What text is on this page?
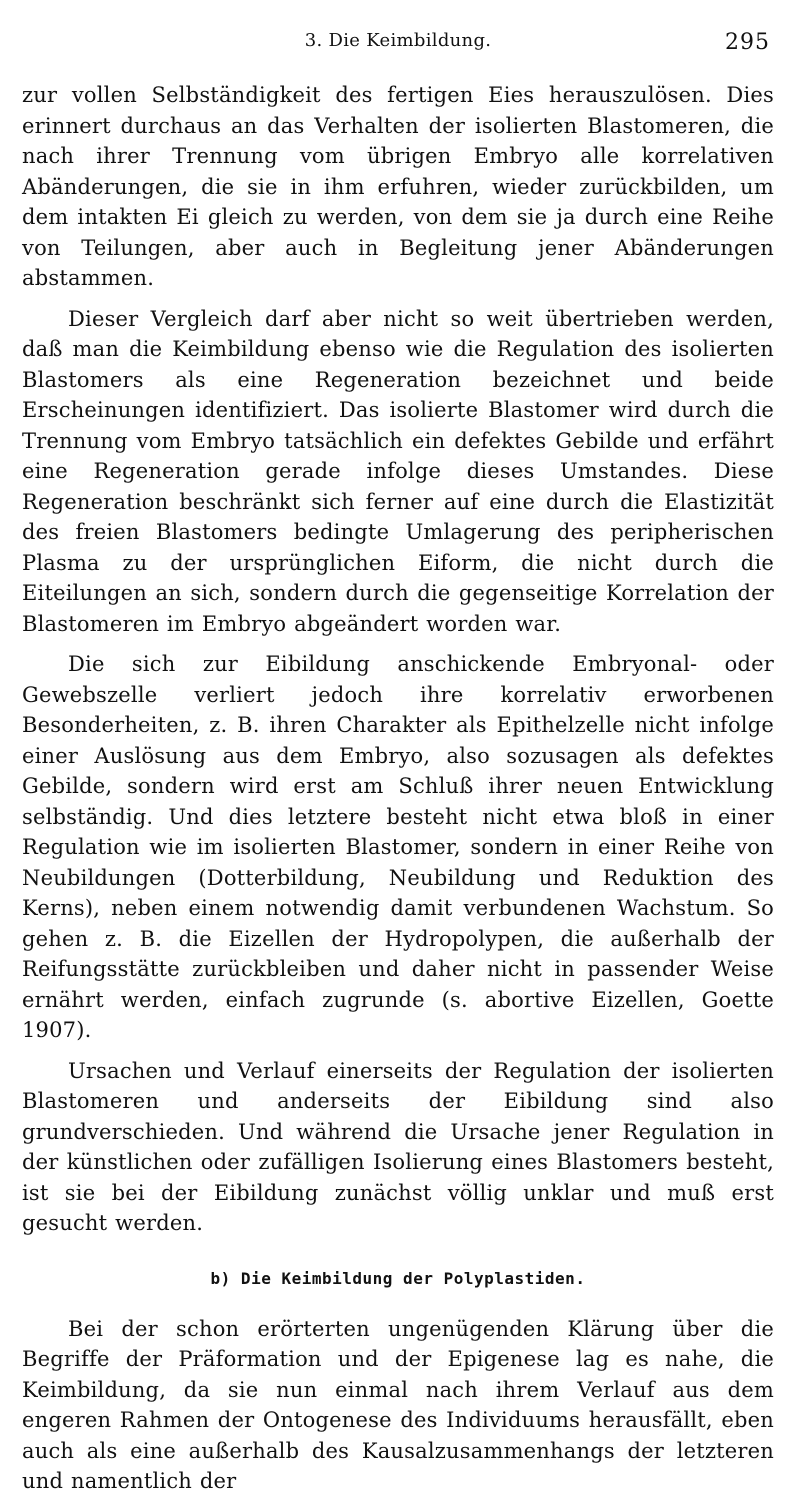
3. Die Keimbildung.	295

zur vollen Selbständigkeit des fertigen Eies herauszulösen. Dies erinnert durchaus an das Verhalten der isolierten Blastomeren, die nach ihrer Trennung vom übrigen Embryo alle korrelativen Abänderungen, die sie in ihm erfuhren, wieder zurückbilden, um dem intakten Ei gleich zu werden, von dem sie ja durch eine Reihe von Teilungen, aber auch in Begleitung jener Abänderungen abstammen.

Dieser Vergleich darf aber nicht so weit übertrieben werden, daß man die Keimbildung ebenso wie die Regulation des isolierten Blastomers als eine Regeneration bezeichnet und beide Erscheinungen identifiziert. Das isolierte Blastomer wird durch die Trennung vom Embryo tatsächlich ein defektes Gebilde und erfährt eine Regeneration gerade infolge dieses Umstandes. Diese Regeneration beschränkt sich ferner auf eine durch die Elastizität des freien Blastomers bedingte Umlagerung des peripherischen Plasma zu der ursprünglichen Eiform, die nicht durch die Eiteilungen an sich, sondern durch die gegenseitige Korrelation der Blastomeren im Embryo abgeändert worden war.

Die sich zur Eibildung anschickende Embryonal- oder Gewebszelle verliert jedoch ihre korrelativ erworbenen Besonderheiten, z. B. ihren Charakter als Epithelzelle nicht infolge einer Auslösung aus dem Embryo, also sozusagen als defektes Gebilde, sondern wird erst am Schluß ihrer neuen Entwicklung selbständig. Und dies letztere besteht nicht etwa bloß in einer Regulation wie im isolierten Blastomer, sondern in einer Reihe von Neubildungen (Dotterbildung, Neubildung und Reduktion des Kerns), neben einem notwendig damit verbundenen Wachstum. So gehen z. B. die Eizellen der Hydropolypen, die außerhalb der Reifungsstätte zurückbleiben und daher nicht in passender Weise ernährt werden, einfach zugrunde (s. abortive Eizellen, Goette 1907).

Ursachen und Verlauf einerseits der Regulation der isolierten Blastomeren und anderseits der Eibildung sind also grundverschieden. Und während die Ursache jener Regulation in der künstlichen oder zufälligen Isolierung eines Blastomers besteht, ist sie bei der Eibildung zunächst völlig unklar und muß erst gesucht werden.

b) Die Keimbildung der Polyplastiden.

Bei der schon erörterten ungenügenden Klärung über die Begriffe der Präformation und der Epigenese lag es nahe, die Keimbildung, da sie nun einmal nach ihrem Verlauf aus dem engeren Rahmen der Ontogenese des Individuums herausfällt, eben auch als eine außerhalb des Kausalzusammenhangs der letzteren und namentlich der
